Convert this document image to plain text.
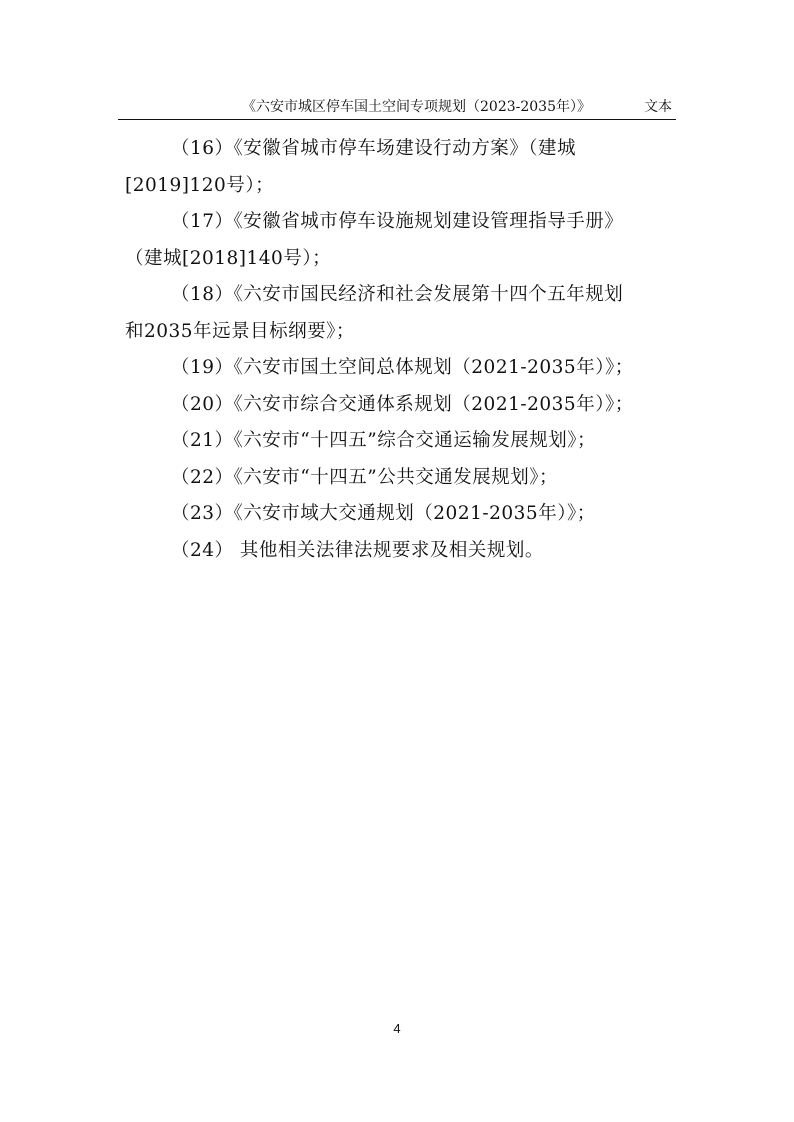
《六安市城区停车国土空间专项规划（2023-2035年）》	文本

（16）《安徽省城市停车场建设行动方案》（建城
[2019]120号）；

（17）《安徽省城市停车设施规划建设管理指导手册》
（建城[2018]140号）；

（18）《六安市国民经济和社会发展第十四个五年规划
和2035年远景目标纲要》；

（19）《六安市国土空间总体规划（2021-2035年）》；

（20）《六安市综合交通体系规划（2021-2035年）》；

（21）《六安市“十四五”综合交通运输发展规划》；

（22）《六安市“十四五”公共交通发展规划》；

（23）《六安市域大交通规划（2021-2035年）》；

（24） 其他相关法律法规要求及相关规划。

4
